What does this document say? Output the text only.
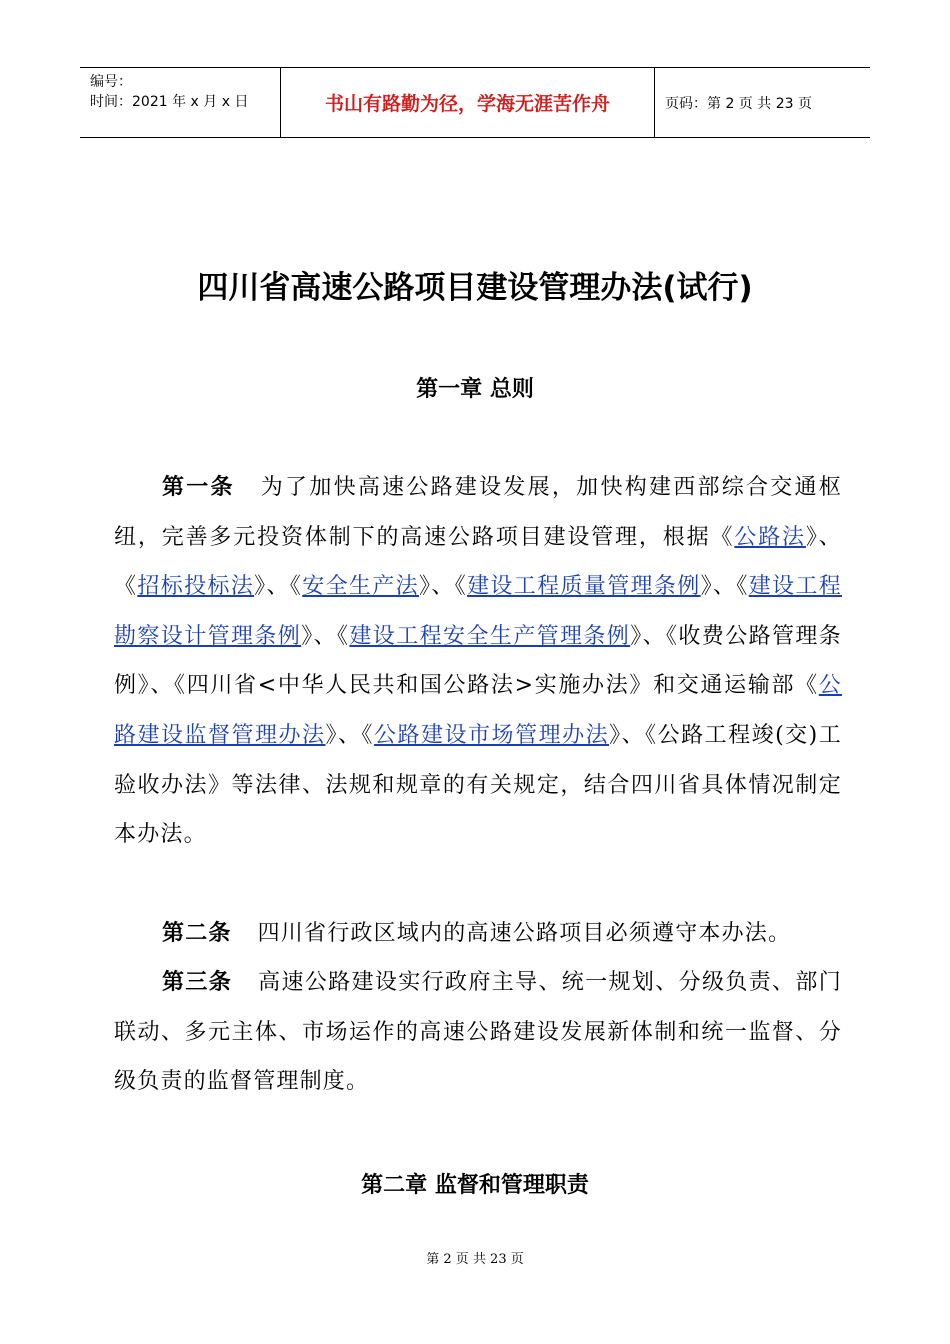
编号：
时间：2021 年 x 月 x 日	书山有路勤为径，学海无涯苦作舟	页码：第 2 页 共 23 页
四川省高速公路项目建设管理办法(试行)
第一章 总则

第一条 为了加快高速公路建设发展，加快构建西部综合交通枢纽，完善多元投资体制下的高速公路项目建设管理，根据《公路法》、《招标投标法》、《安全生产法》、《建设工程质量管理条例》、《建设工程勘察设计管理条例》、《建设工程安全生产管理条例》、《收费公路管理条例》、《四川省<中华人民共和国公路法>实施办法》和交通运输部《公路建设监督管理办法》、《公路建设市场管理办法》、《公路工程竣(交)工验收办法》等法律、法规和规章的有关规定，结合四川省具体情况制定本办法。

第二条 四川省行政区域内的高速公路项目必须遵守本办法。

第三条 高速公路建设实行政府主导、统一规划、分级负责、部门联动、多元主体、市场运作的高速公路建设发展新体制和统一监督、分级负责的监督管理制度。

第二章 监督和管理职责
第 2 页 共 23 页
